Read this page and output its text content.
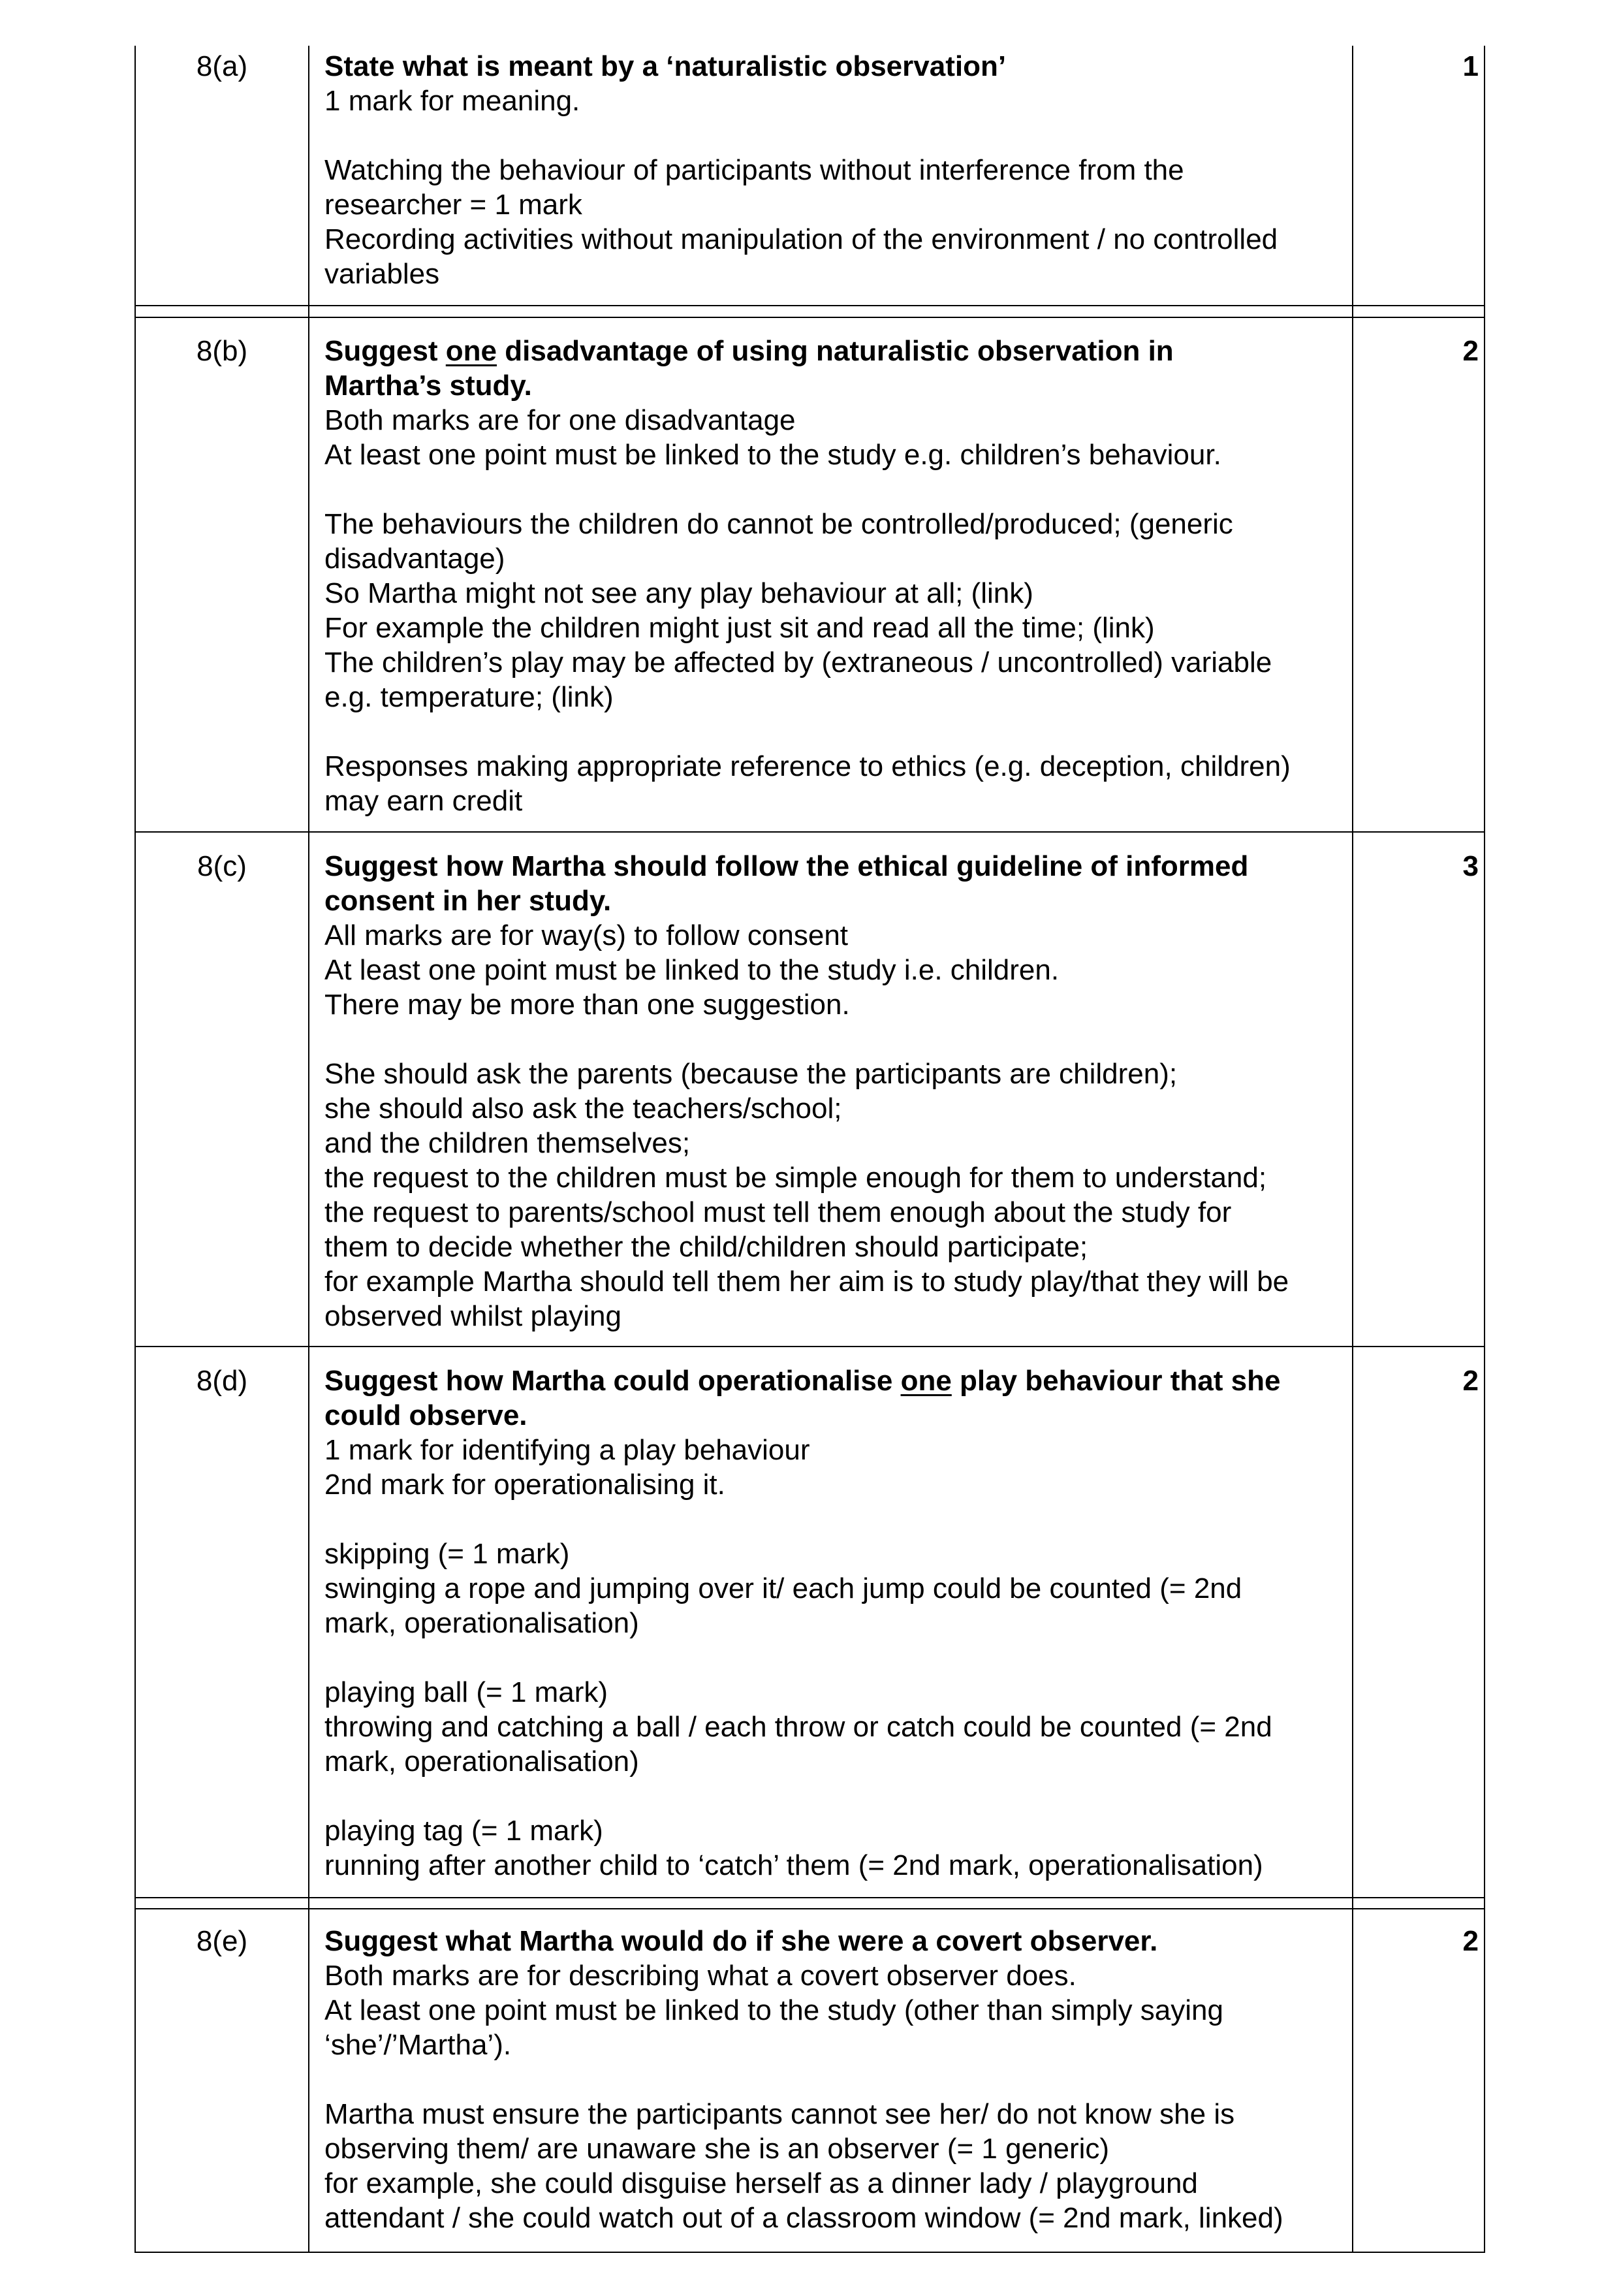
8(a)	State what is meant by a ‘naturalistic observation’
1 mark for meaning.
Watching the behaviour of participants without interference from the
researcher = 1 mark
Recording activities without manipulation of the environment / no controlled
variables
1
8(b)	Suggest one disadvantage of using naturalistic observation in
Martha’s study.
Both marks are for one disadvantage
At least one point must be linked to the study e.g. children’s behaviour.
The behaviours the children do cannot be controlled/produced; (generic
disadvantage)
So Martha might not see any play behaviour at all; (link)
For example the children might just sit and read all the time; (link)
The children’s play may be affected by (extraneous / uncontrolled) variable
e.g. temperature; (link)
Responses making appropriate reference to ethics (e.g. deception, children)
may earn credit
2
8(c)	Suggest how Martha should follow the ethical guideline of informed
consent in her study.
All marks are for way(s) to follow consent
At least one point must be linked to the study i.e. children.
There may be more than one suggestion.
She should ask the parents (because the participants are children);
she should also ask the teachers/school;
and the children themselves;
the request to the children must be simple enough for them to understand;
the request to parents/school must tell them enough about the study for
them to decide whether the child/children should participate;
for example Martha should tell them her aim is to study play/that they will be
observed whilst playing
3
8(d)	Suggest how Martha could operationalise one play behaviour that she
could observe.
1 mark for identifying a play behaviour
2nd mark for operationalising it.
skipping (= 1 mark)
swinging a rope and jumping over it/ each jump could be counted (= 2nd
mark, operationalisation)
playing ball (= 1 mark)
throwing and catching a ball / each throw or catch could be counted (= 2nd
mark, operationalisation)
playing tag (= 1 mark)
running after another child to ‘catch’ them (= 2nd mark, operationalisation)
2
8(e)	Suggest what Martha would do if she were a covert observer.
Both marks are for describing what a covert observer does.
At least one point must be linked to the study (other than simply saying
‘she’/’Martha’).
Martha must ensure the participants cannot see her/ do not know she is
observing them/ are unaware she is an observer (= 1 generic)
for example, she could disguise herself as a dinner lady / playground
attendant / she could watch out of a classroom window (= 2nd mark, linked)
2
